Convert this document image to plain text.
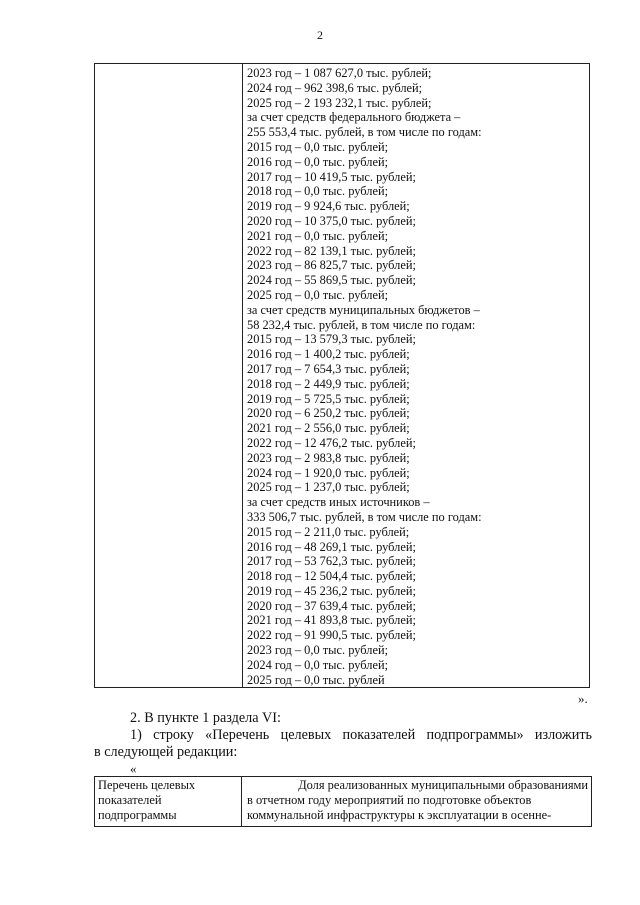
2
2023 год – 1 087 627,0 тыс. рублей;
2024 год – 962 398,6 тыс. рублей;
2025 год – 2 193 232,1 тыс. рублей;
за счет средств федерального бюджета –
255 553,4 тыс. рублей, в том числе по годам:
2015 год – 0,0 тыс. рублей;
2016 год – 0,0 тыс. рублей;
2017 год – 10 419,5 тыс. рублей;
2018 год – 0,0 тыс. рублей;
2019 год – 9 924,6 тыс. рублей;
2020 год – 10 375,0 тыс. рублей;
2021 год – 0,0 тыс. рублей;
2022 год – 82 139,1 тыс. рублей;
2023 год – 86 825,7 тыс. рублей;
2024 год – 55 869,5 тыс. рублей;
2025 год – 0,0 тыс. рублей;
за счет средств муниципальных бюджетов –
58 232,4 тыс. рублей, в том числе по годам:
2015 год – 13 579,3 тыс. рублей;
2016 год – 1 400,2 тыс. рублей;
2017 год – 7 654,3 тыс. рублей;
2018 год – 2 449,9 тыс. рублей;
2019 год – 5 725,5 тыс. рублей;
2020 год – 6 250,2 тыс. рублей;
2021 год – 2 556,0 тыс. рублей;
2022 год – 12 476,2 тыс. рублей;
2023 год – 2 983,8 тыс. рублей;
2024 год – 1 920,0 тыс. рублей;
2025 год – 1 237,0 тыс. рублей;
за счет средств иных источников –
333 506,7 тыс. рублей, в том числе по годам:
2015 год – 2 211,0 тыс. рублей;
2016 год – 48 269,1 тыс. рублей;
2017 год – 53 762,3 тыс. рублей;
2018 год – 12 504,4 тыс. рублей;
2019 год – 45 236,2 тыс. рублей;
2020 год – 37 639,4 тыс. рублей;
2021 год – 41 893,8 тыс. рублей;
2022 год – 91 990,5 тыс. рублей;
2023 год – 0,0 тыс. рублей;
2024 год – 0,0 тыс. рублей;
2025 год – 0,0 тыс. рублей
».
2. В пункте 1 раздела VI:
1) строку «Перечень целевых показателей подпрограммы» изложить
в следующей редакции:
«
Перечень целевых
показателей
подпрограммы
Доля реализованных муниципальными образованиями
в отчетном году мероприятий по подготовке объектов
коммунальной инфраструктуры к эксплуатации в осенне-
